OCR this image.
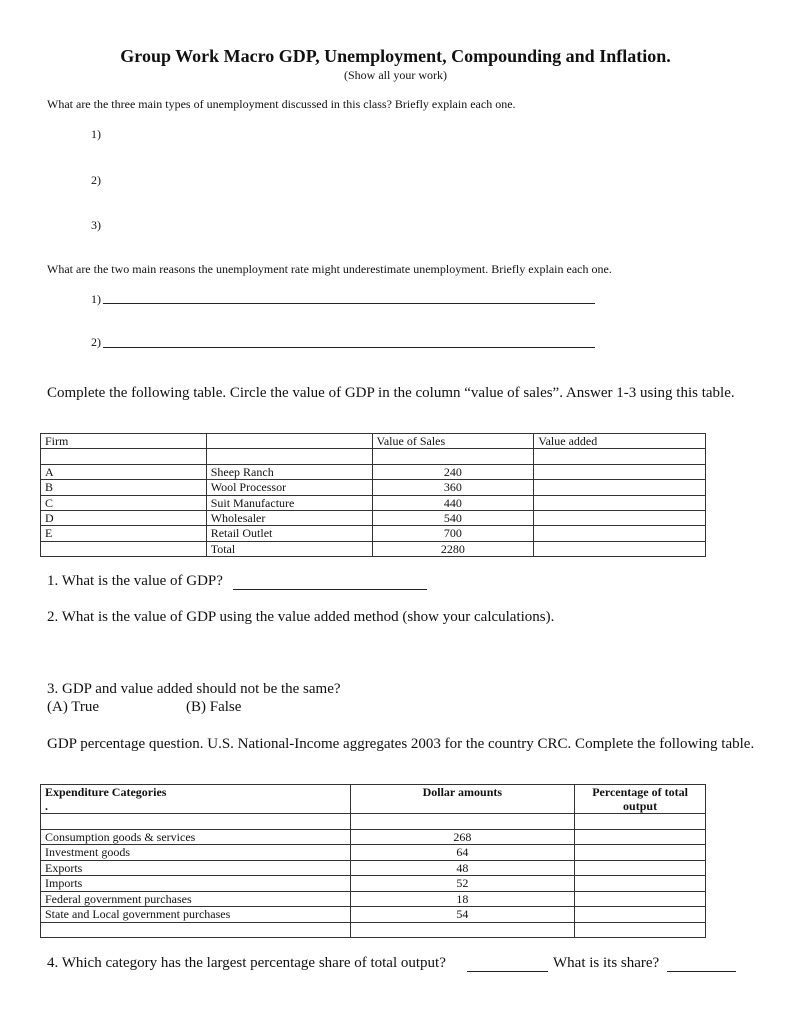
Group Work Macro GDP, Unemployment, Compounding and Inflation.
(Show all your work)
What are the three main types of unemployment discussed in this class? Briefly explain each one.
1)
2)
3)
What are the two main reasons the unemployment rate might underestimate unemployment. Briefly explain each one.
1)
2)
Complete the following table. Circle the value of GDP in the column “value of sales”. Answer 1-3 using this table.
Firm		Value of Sales	Value added

A	Sheep Ranch	240	
B	Wool Processor	360	
C	Suit Manufacture	440	
D	Wholesaler	540	
E	Retail Outlet	700	
	Total	2280	
1. What is the value of GDP?
2. What is the value of GDP using the value added method (show your calculations).
3. GDP and value added should not be the same?
(A) True	(B) False
GDP percentage question. U.S. National-Income aggregates 2003 for the country CRC. Complete the following table.
Expenditure Categories
.	Dollar amounts	Percentage of total output

Consumption goods & services	268	
Investment goods	64	
Exports	48	
Imports	52	
Federal government purchases	18	
State and Local government purchases	54	

4. Which category has the largest percentage share of total output?	What is its share?
